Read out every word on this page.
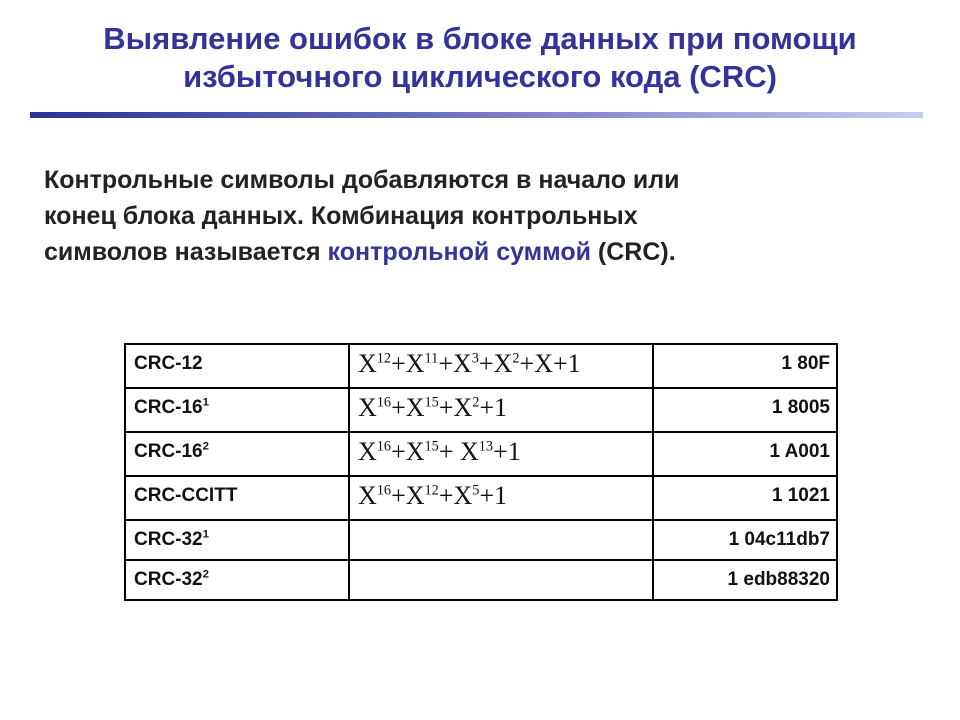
Выявление ошибок в блоке данных при помощи
избыточного циклического кода (CRC)
Контрольные символы добавляются в начало или
конец блока данных. Комбинация контрольных
символов называется контрольной суммой (CRC).
CRC-12	$X^{12}+X^{11}+X^3+X^2+X+1$	1 80F
CRC-$16^1$	$X^{16}+X^{15}+X^2+1$	1 8005
CRC-$16^2$	$X^{16}+X^{15}+ X^{13}+1$	1 A001
CRC-CCITT	$X^{16}+X^{12}+X^5+1$	1 1021
CRC-$32^1$		1 04c11db7
CRC-$32^2$		1 edb88320
